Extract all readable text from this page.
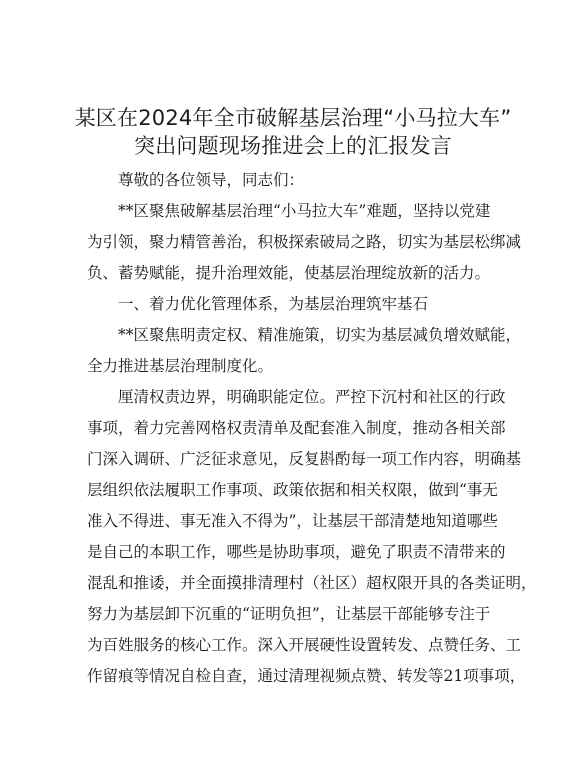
某区在2024年全市破解基层治理“小马拉大车”
突出问题现场推进会上的汇报发言
尊敬的各位领导，同志们：
**区聚焦破解基层治理“小马拉大车”难题，坚持以党建
为引领，聚力精管善治，积极探索破局之路，切实为基层松绑减
负、蓄势赋能，提升治理效能，使基层治理绽放新的活力。
一、着力优化管理体系，为基层治理筑牢基石
**区聚焦明责定权、精准施策，切实为基层减负增效赋能，
全力推进基层治理制度化。
厘清权责边界，明确职能定位。严控下沉村和社区的行政
事项，着力完善网格权责清单及配套准入制度，推动各相关部
门深入调研、广泛征求意见，反复斟酌每一项工作内容，明确基
层组织依法履职工作事项、政策依据和相关权限，做到“事无
准入不得进、事无准入不得为”，让基层干部清楚地知道哪些
是自己的本职工作，哪些是协助事项，避免了职责不清带来的
混乱和推诿，并全面摸排清理村（社区）超权限开具的各类证明，
努力为基层卸下沉重的“证明负担”，让基层干部能够专注于
为百姓服务的核心工作。深入开展硬性设置转发、点赞任务、工
作留痕等情况自检自查，通过清理视频点赞、转发等21项事项，
